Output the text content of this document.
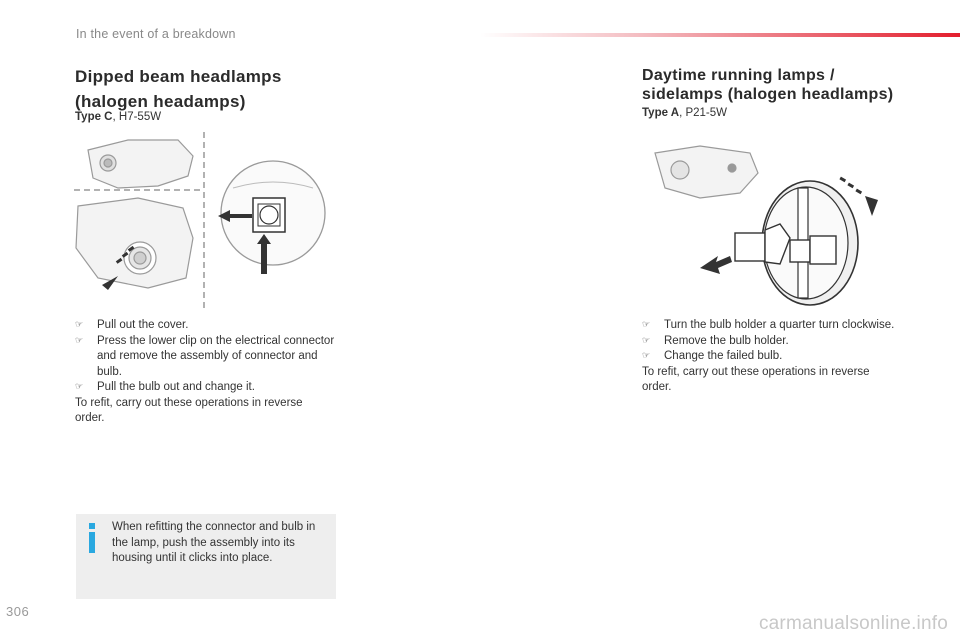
In the event of a breakdown
Dipped beam headlamps (halogen headamps)
Type C, H7-55W
☞ Pull out the cover.
☞ Press the lower clip on the electrical connector and remove the assembly of connector and bulb.
☞ Pull the bulb out and change it.
To refit, carry out these operations in reverse order.
When refitting the connector and bulb in the lamp, push the assembly into its housing until it clicks into place.
Daytime running lamps / sidelamps (halogen headlamps)
Type A, P21-5W
☞ Turn the bulb holder a quarter turn clockwise.
☞ Remove the bulb holder.
☞ Change the failed bulb.
To refit, carry out these operations in reverse order.
306
carmanualsonline.info
